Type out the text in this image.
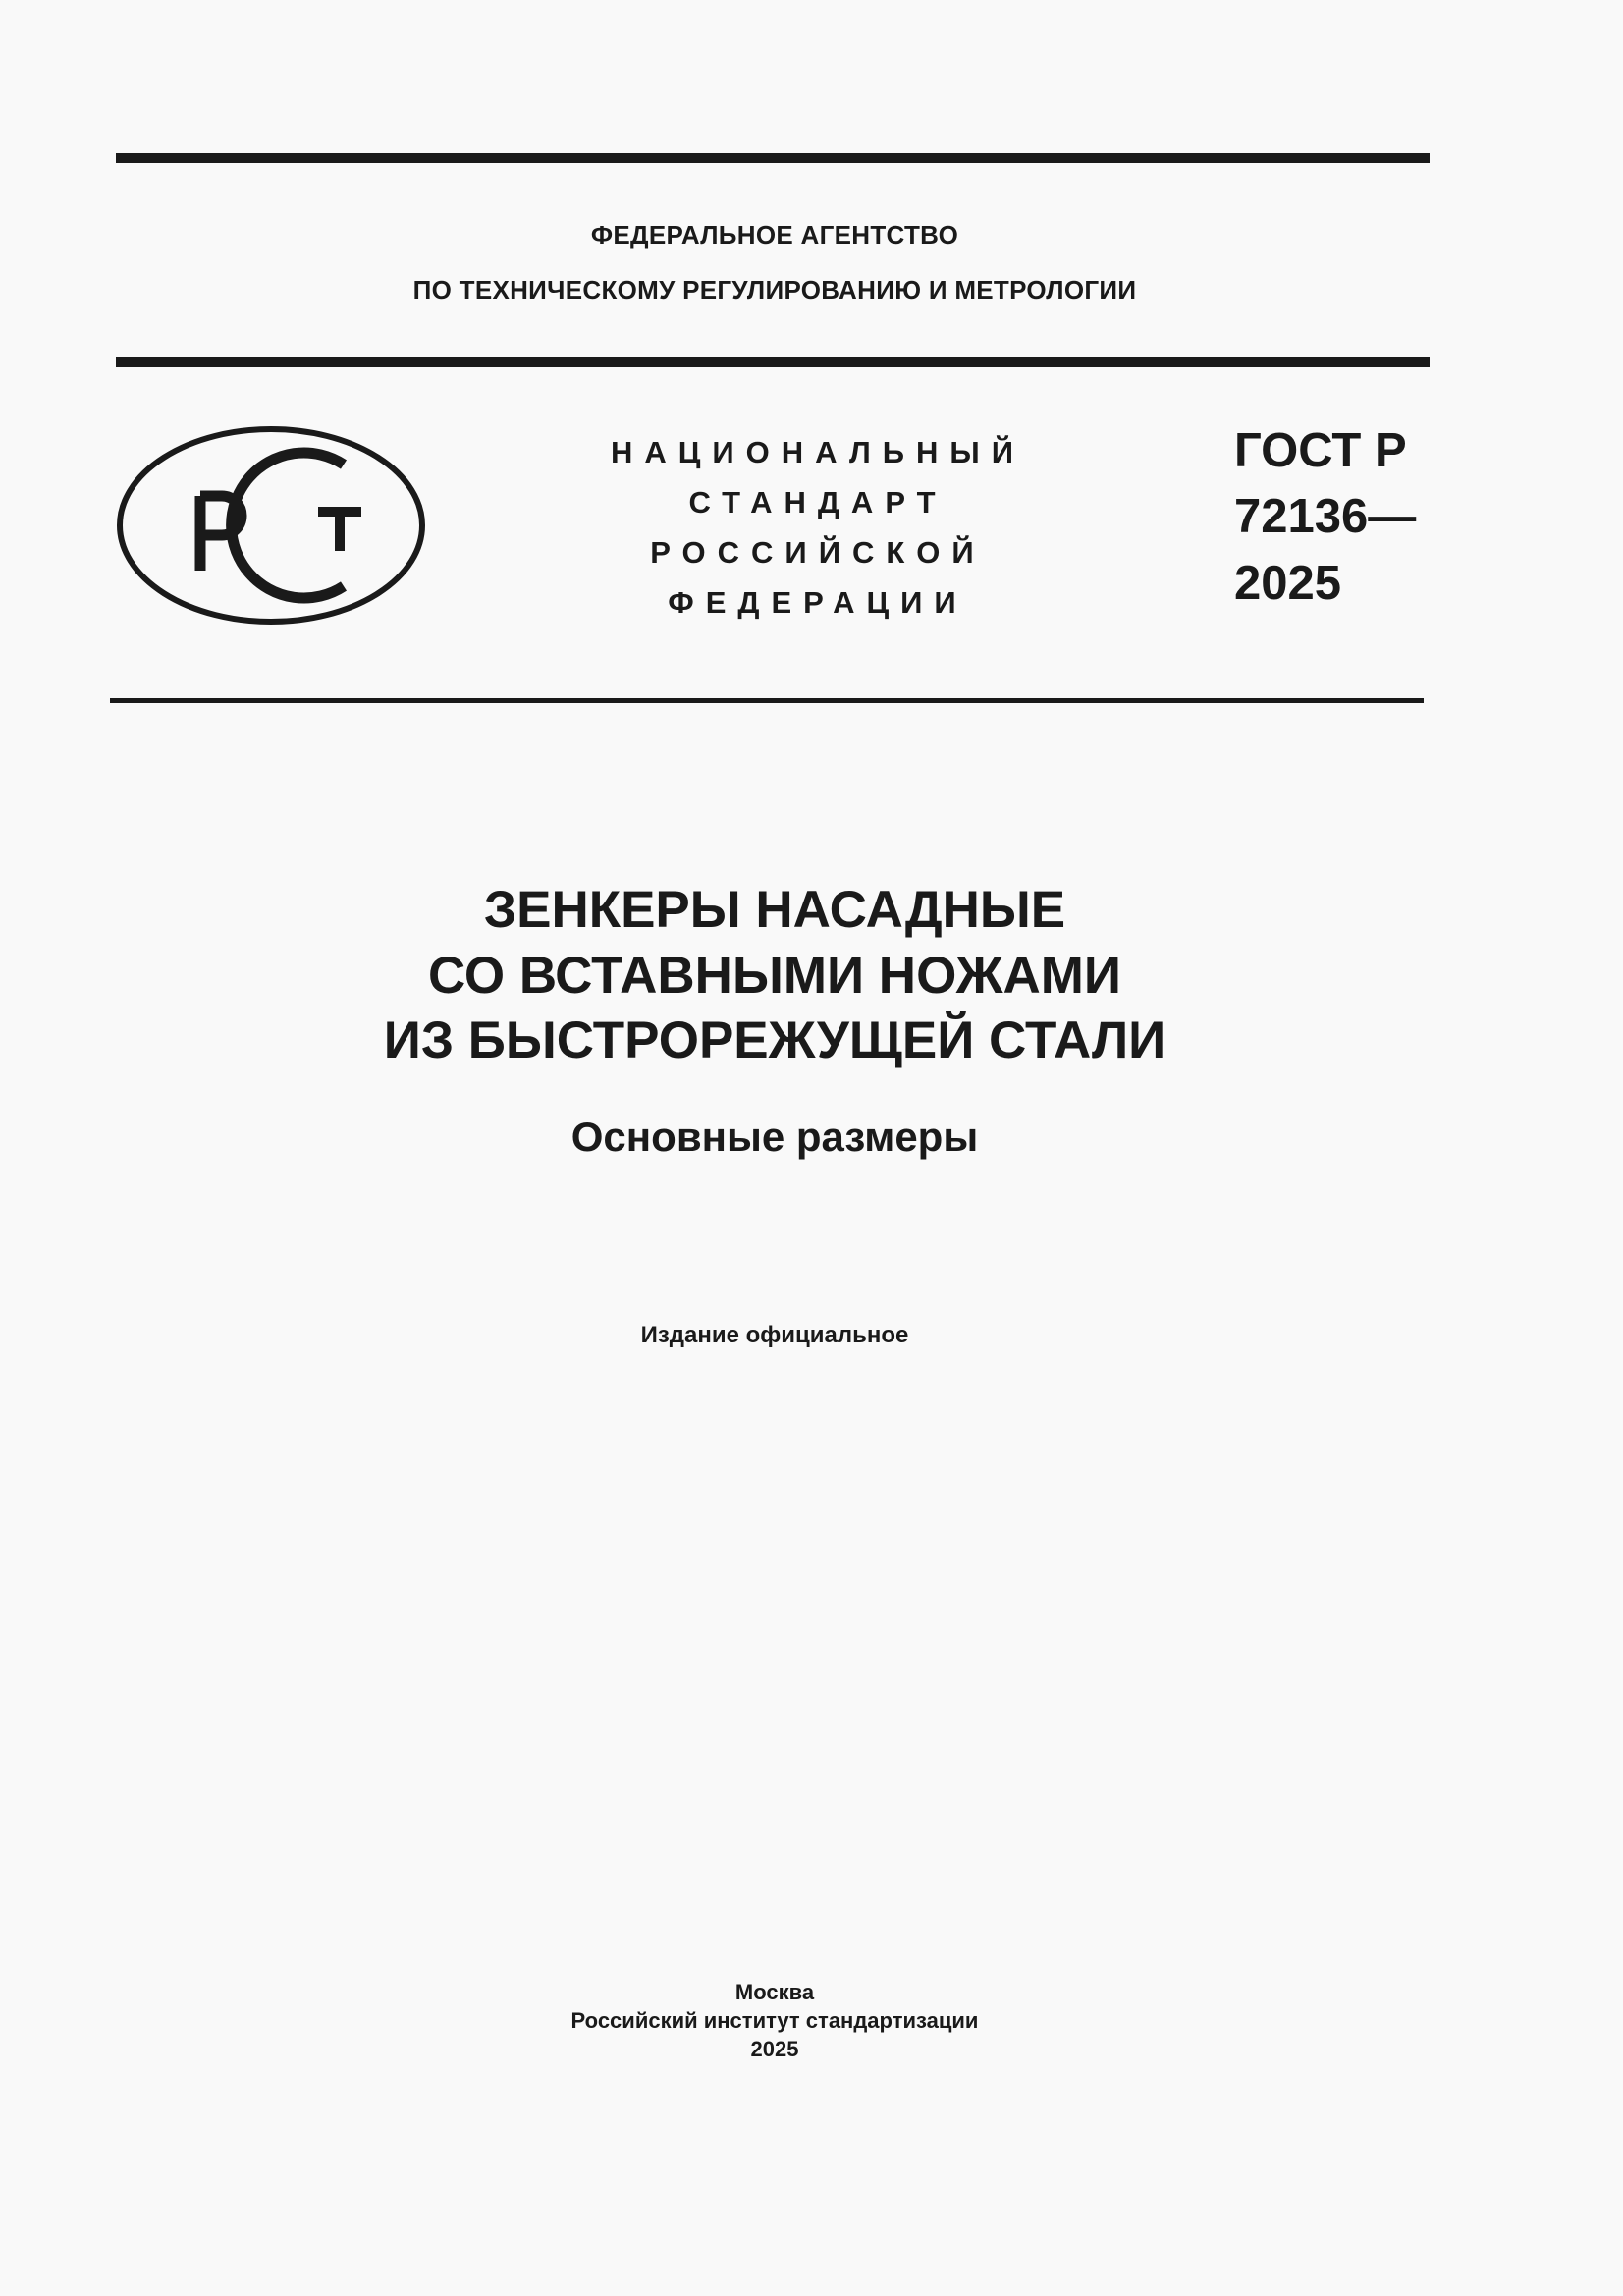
ФЕДЕРАЛЬНОЕ АГЕНТСТВО
ПО ТЕХНИЧЕСКОМУ РЕГУЛИРОВАНИЮ И МЕТРОЛОГИИ
НАЦИОНАЛЬНЫЙ
СТАНДАРТ
РОССИЙСКОЙ
ФЕДЕРАЦИИ
ГОСТ Р
72136—
2025
ЗЕНКЕРЫ НАСАДНЫЕ
СО ВСТАВНЫМИ НОЖАМИ
ИЗ БЫСТРОРЕЖУЩЕЙ СТАЛИ
Основные размеры
Издание официальное
Москва
Российский институт стандартизации
2025
